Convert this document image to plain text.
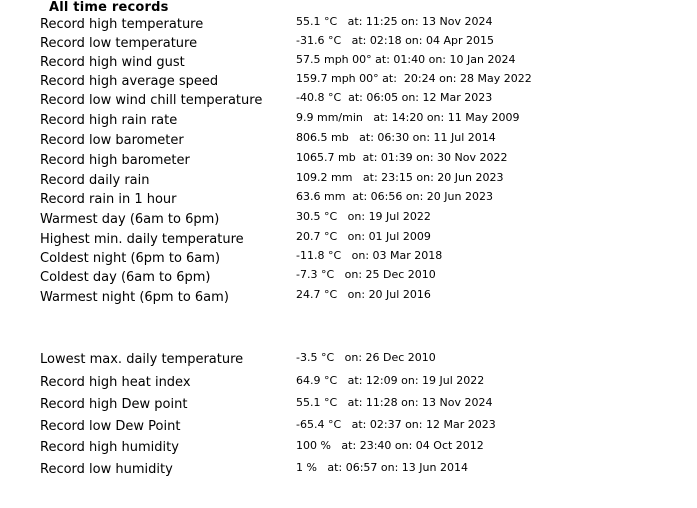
All time records
Record high temperature	55.1 °C   at: 11:25 on: 13 Nov 2024
Record low temperature	-31.6 °C   at: 02:18 on: 04 Apr 2015
Record high wind gust	57.5 mph 00° at: 01:40 on: 10 Jan 2024
Record high average speed	159.7 mph 00° at:  20:24 on: 28 May 2022
Record low wind chill temperature	-40.8 °C  at: 06:05 on: 12 Mar 2023
Record high rain rate	9.9 mm/min   at: 14:20 on: 11 May 2009
Record low barometer	806.5 mb   at: 06:30 on: 11 Jul 2014
Record high barometer	1065.7 mb  at: 01:39 on: 30 Nov 2022
Record daily rain	109.2 mm   at: 23:15 on: 20 Jun 2023
Record rain in 1 hour	63.6 mm  at: 06:56 on: 20 Jun 2023
Warmest day (6am to 6pm)	30.5 °C   on: 19 Jul 2022
Highest min. daily temperature	20.7 °C   on: 01 Jul 2009
Coldest night (6pm to 6am)	-11.8 °C   on: 03 Mar 2018
Coldest day (6am to 6pm)	-7.3 °C   on: 25 Dec 2010
Warmest night (6pm to 6am)	24.7 °C   on: 20 Jul 2016
Lowest max. daily temperature	-3.5 °C   on: 26 Dec 2010
Record high heat index	64.9 °C   at: 12:09 on: 19 Jul 2022
Record high Dew point	55.1 °C   at: 11:28 on: 13 Nov 2024
Record low Dew Point	-65.4 °C   at: 02:37 on: 12 Mar 2023
Record high humidity	100 %   at: 23:40 on: 04 Oct 2012
Record low humidity	1 %   at: 06:57 on: 13 Jun 2014
